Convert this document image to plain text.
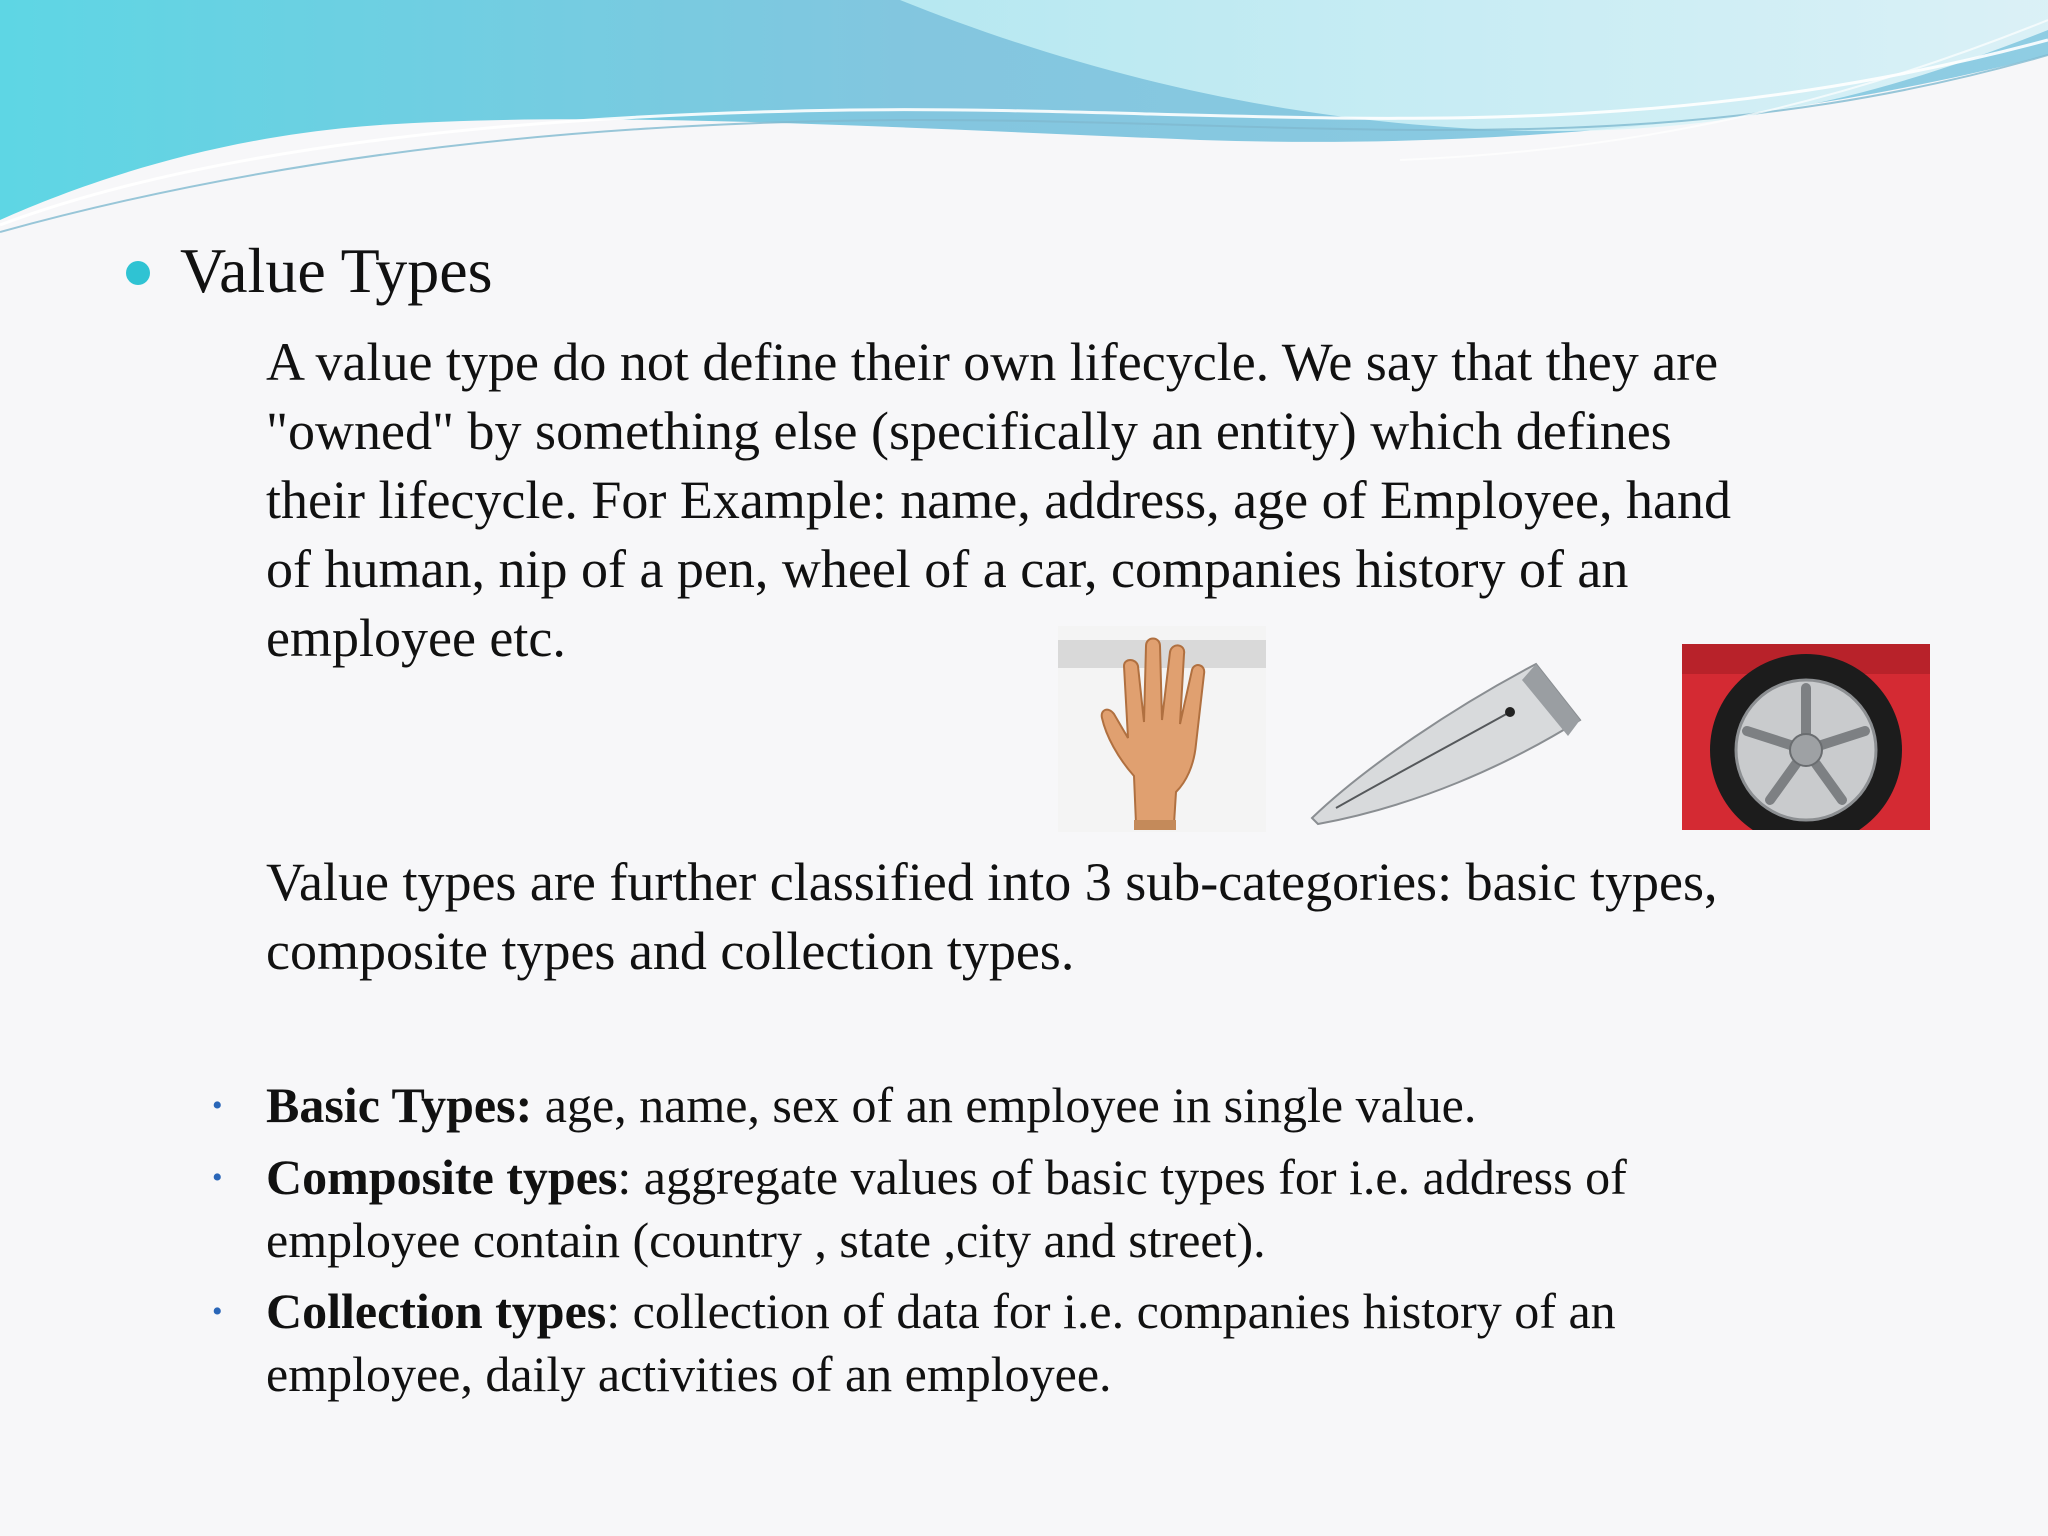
Value Types
A value type do not define their own lifecycle. We say that they are
"owned" by something else (specifically an entity) which defines
their lifecycle. For Example: name, address, age of Employee, hand
of human, nip of a pen, wheel of a car, companies history of an
employee etc.
Value types are further classified into 3 sub-categories: basic types,
composite types and collection types.
• Basic Types: age, name, sex of an employee in single value.
• Composite types: aggregate values of basic types for i.e. address of
employee contain (country , state ,city and street).
• Collection types: collection of data for i.e. companies history of an
employee, daily activities of an employee.
